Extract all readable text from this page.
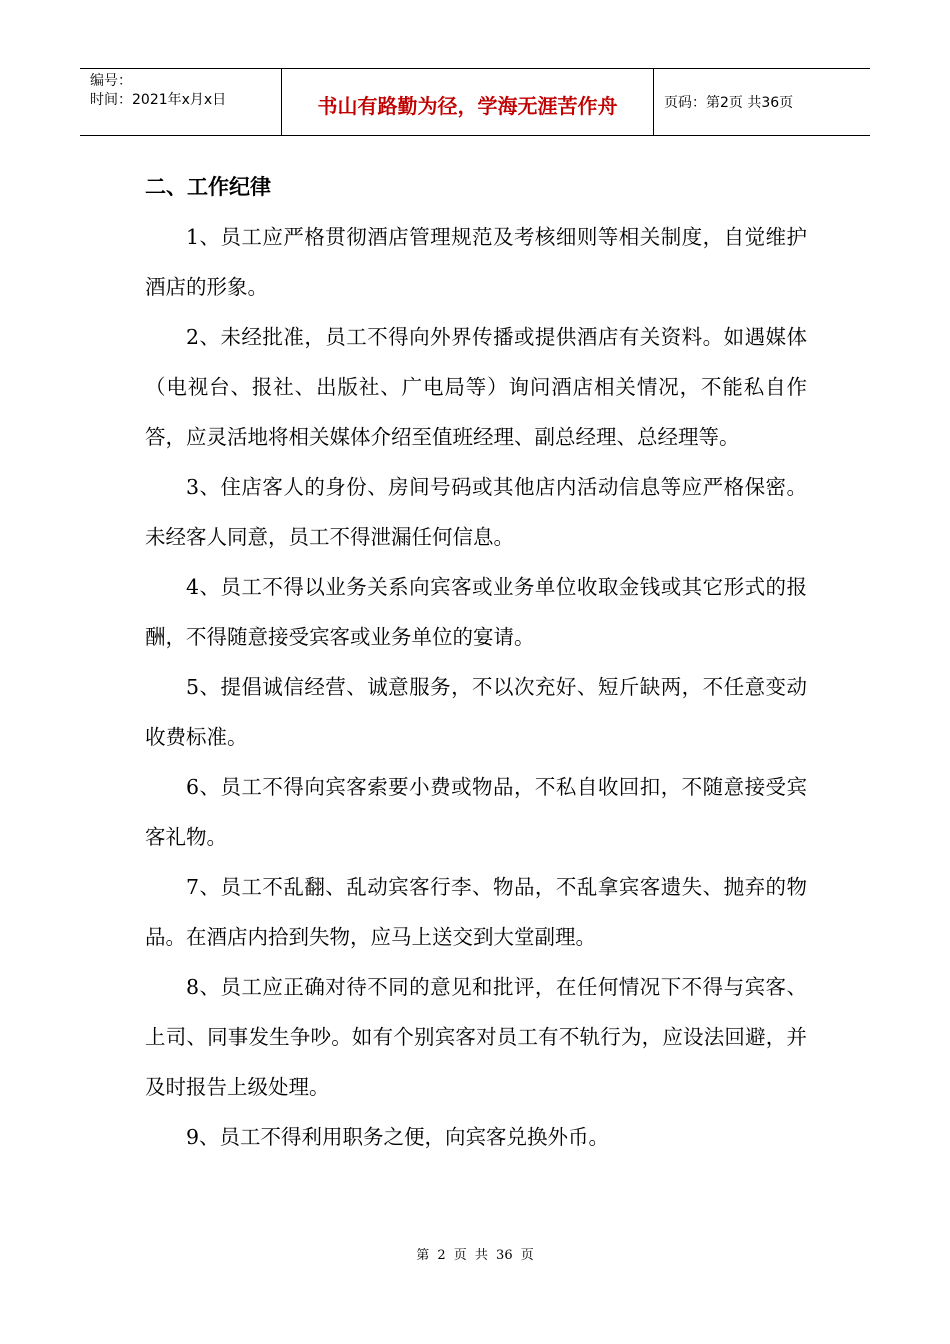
编号：
时间：2021年x月x日	书山有路勤为径，学海无涯苦作舟	页码：第2页 共36页

二、工作纪律

1、员工应严格贯彻酒店管理规范及考核细则等相关制度，自觉维护酒店的形象。

2、未经批准，员工不得向外界传播或提供酒店有关资料。如遇媒体（电视台、报社、出版社、广电局等）询问酒店相关情况，不能私自作答，应灵活地将相关媒体介绍至值班经理、副总经理、总经理等。

3、住店客人的身份、房间号码或其他店内活动信息等应严格保密。未经客人同意，员工不得泄漏任何信息。

4、员工不得以业务关系向宾客或业务单位收取金钱或其它形式的报酬，不得随意接受宾客或业务单位的宴请。

5、提倡诚信经营、诚意服务，不以次充好、短斤缺两，不任意变动收费标准。

6、员工不得向宾客索要小费或物品，不私自收回扣，不随意接受宾客礼物。

7、员工不乱翻、乱动宾客行李、物品，不乱拿宾客遗失、抛弃的物品。在酒店内拾到失物，应马上送交到大堂副理。

8、员工应正确对待不同的意见和批评，在任何情况下不得与宾客、上司、同事发生争吵。如有个别宾客对员工有不轨行为，应设法回避，并及时报告上级处理。

9、员工不得利用职务之便，向宾客兑换外币。

第 2 页 共 36 页
